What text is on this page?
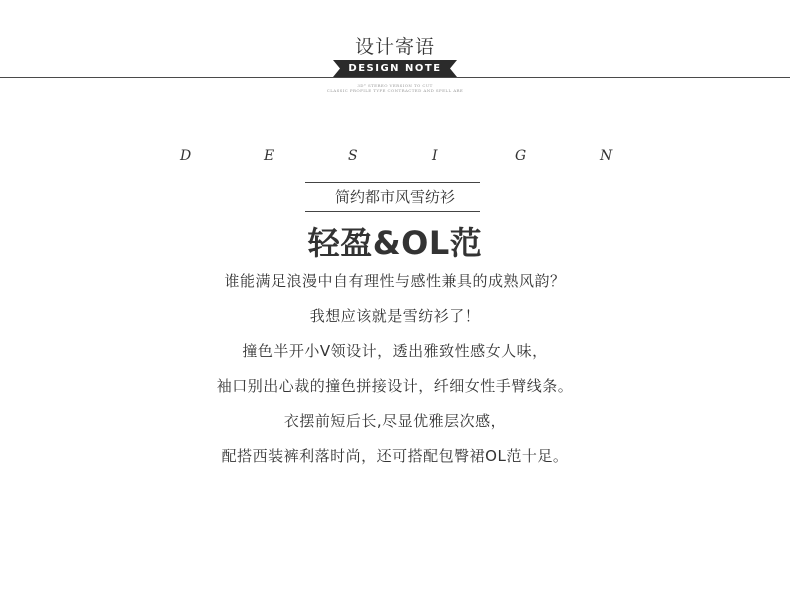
设计寄语
DESIGN NOTE
3D° STEREO VERSION TO CUT
CLASSIC PROFILE TYPE CONTRACTED AND SPELL ARE
D	E	S	I	G	N
简约都市风雪纺衫
轻盈&OL范
谁能满足浪漫中自有理性与感性兼具的成熟风韵？
我想应该就是雪纺衫了！
撞色半开小V领设计，透出雅致性感女人味，
袖口别出心裁的撞色拼接设计，纤细女性手臂线条。
衣摆前短后长,尽显优雅层次感，
配搭西装裤利落时尚，还可搭配包臀裙OL范十足。
